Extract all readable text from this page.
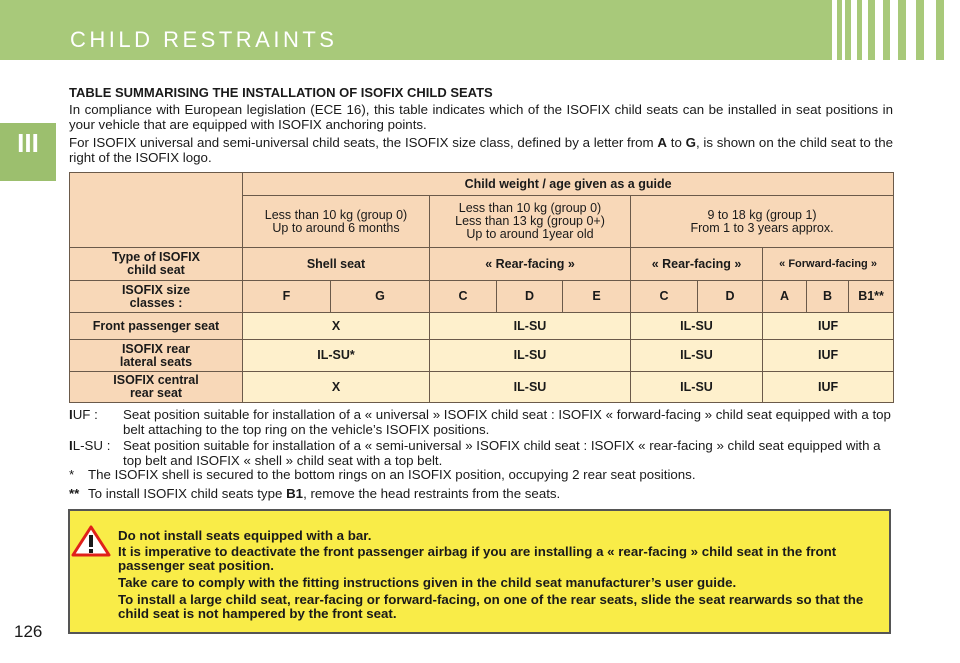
CHILD RESTRAINTS
III
TABLE SUMMARISING THE INSTALLATION OF ISOFIX CHILD SEATS
In compliance with European legislation (ECE 16), this table indicates which of the ISOFIX child seats can be installed in seat positions in your vehicle that are equipped with ISOFIX anchoring points.
For ISOFIX universal and semi-universal child seats, the ISOFIX size class, defined by a letter from A to G, is shown on the child seat to the right of the ISOFIX logo.
	Child weight / age given as a guide									
	Less than 10 kg (group 0)
Up to around 6 months		Less than 10 kg (group 0)
Less than 13 kg (group 0+)
Up to around 1year old			9 to 18 kg (group 1)
From 1 to 3 years approx.				
Type of ISOFIX
child seat	Shell seat		« Rear-facing »			« Rear-facing »		« Forward-facing »		
ISOFIX size
classes :	F	G	C	D	E	C	D	A	B	B1**
Front passenger seat	X		IL-SU			IL-SU		IUF		
ISOFIX rear
lateral seats	IL-SU*		IL-SU			IL-SU		IUF		
ISOFIX central
rear seat	X		IL-SU			IL-SU		IUF		
IUF : Seat position suitable for installation of a « universal » ISOFIX child seat : ISOFIX « forward-facing » child seat equipped with a top belt attaching to the top ring on the vehicle’s ISOFIX positions.
IL-SU : Seat position suitable for installation of a « semi-universal » ISOFIX child seat : ISOFIX « rear-facing » child seat equipped with a top belt and ISOFIX « shell » child seat with a top belt.
* The ISOFIX shell is secured to the bottom rings on an ISOFIX position, occupying 2 rear seat positions.
** To install ISOFIX child seats type B1, remove the head restraints from the seats.
Do not install seats equipped with a bar.
It is imperative to deactivate the front passenger airbag if you are installing a « rear-facing » child seat in the front passenger seat position.
Take care to comply with the fitting instructions given in the child seat manufacturer’s user guide.
To install a large child seat, rear-facing or forward-facing, on one of the rear seats, slide the seat rearwards so that the child seat is not hampered by the front seat.
126
